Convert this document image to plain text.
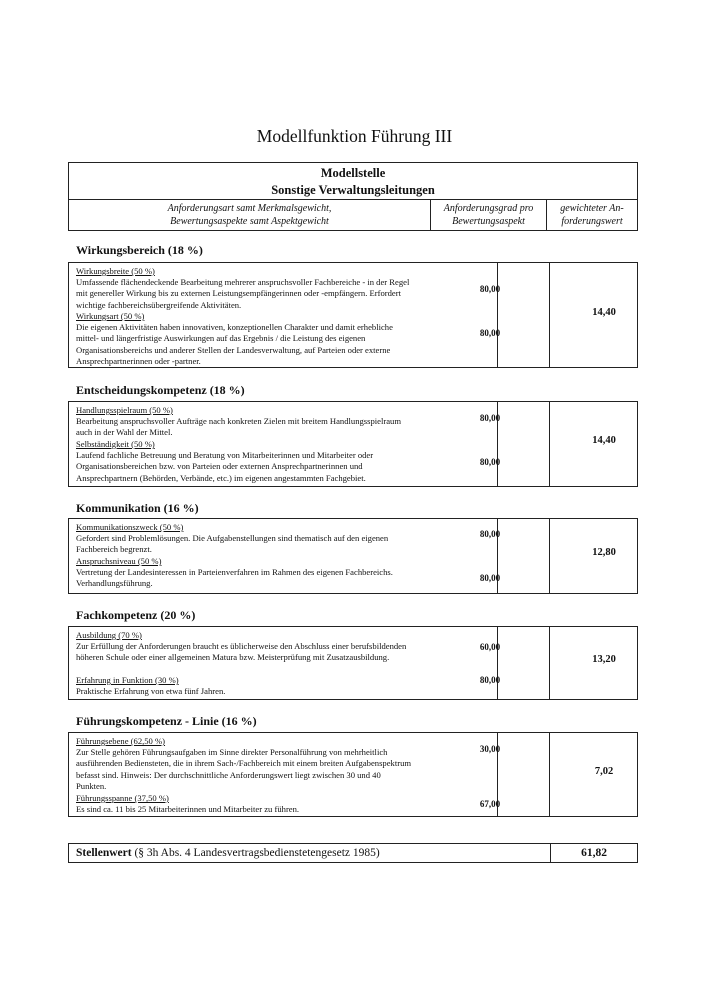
Modellfunktion Führung III
Modellstelle
Sonstige Verwaltungsleitungen
Anforderungsart samt Merkmalsgewicht,
Bewertungsaspekte samt Aspektgewicht
Anforderungsgrad pro
Bewertungsaspekt
gewichteter An-
forderungswert
Wirkungsbereich (18 %)
Wirkungsbreite (50 %)
Umfassende flächendeckende Bearbeitung mehrerer anspruchsvoller Fachbereiche - in der Regel mit genereller Wirkung bis zu externen Leistungsempfängerinnen oder -empfängern. Erfordert wichtige fachbereichsübergreifende Aktivitäten.
Wirkungsart (50 %)
Die eigenen Aktivitäten haben innovativen, konzeptionellen Charakter und damit erhebliche mittel- und längerfristige Auswirkungen auf das Ergebnis / die Leistung des eigenen Organisationsbereichs und anderer Stellen der Landesverwaltung, auf Parteien oder externe Ansprechpartnerinnen oder -partner.
80,00
80,00
14,40
Entscheidungskompetenz (18 %)
Handlungsspielraum (50 %)
Bearbeitung anspruchsvoller Aufträge nach konkreten Zielen mit breitem Handlungsspielraum auch in der Wahl der Mittel.
Selbständigkeit (50 %)
Laufend fachliche Betreuung und Beratung von Mitarbeiterinnen und Mitarbeiter oder Organisationsbereichen bzw. von Parteien oder externen Ansprechpartnerinnen und Ansprechpartnern (Behörden, Verbände, etc.) im eigenen angestammten Fachgebiet.
80,00
80,00
14,40
Kommunikation (16 %)
Kommunikationszweck (50 %)
Gefordert sind Problemlösungen. Die Aufgabenstellungen sind thematisch auf den eigenen Fachbereich begrenzt.
Anspruchsniveau (50 %)
Vertretung der Landesinteressen in Parteienverfahren im Rahmen des eigenen Fachbereichs. Verhandlungsführung.
80,00
80,00
12,80
Fachkompetenz (20 %)
Ausbildung (70 %)
Zur Erfüllung der Anforderungen braucht es üblicherweise den Abschluss einer berufsbildenden höheren Schule oder einer allgemeinen Matura bzw. Meisterprüfung mit Zusatzausbildung.
Erfahrung in Funktion (30 %)
Praktische Erfahrung von etwa fünf Jahren.
60,00
80,00
13,20
Führungskompetenz - Linie (16 %)
Führungsebene (62,50 %)
Zur Stelle gehören Führungsaufgaben im Sinne direkter Personalführung von mehrheitlich ausführenden Bediensteten, die in ihrem Sach-/Fachbereich mit einem breiten Aufgabenspektrum befasst sind. Hinweis: Der durchschnittliche Anforderungswert liegt zwischen 30 und 40 Punkten.
Führungsspanne (37,50 %)
Es sind ca. 11 bis 25 Mitarbeiterinnen und Mitarbeiter zu führen.
30,00
67,00
7,02
Stellenwert (§ 3h Abs. 4 Landesvertragsbedienstetengesetz 1985)	61,82
